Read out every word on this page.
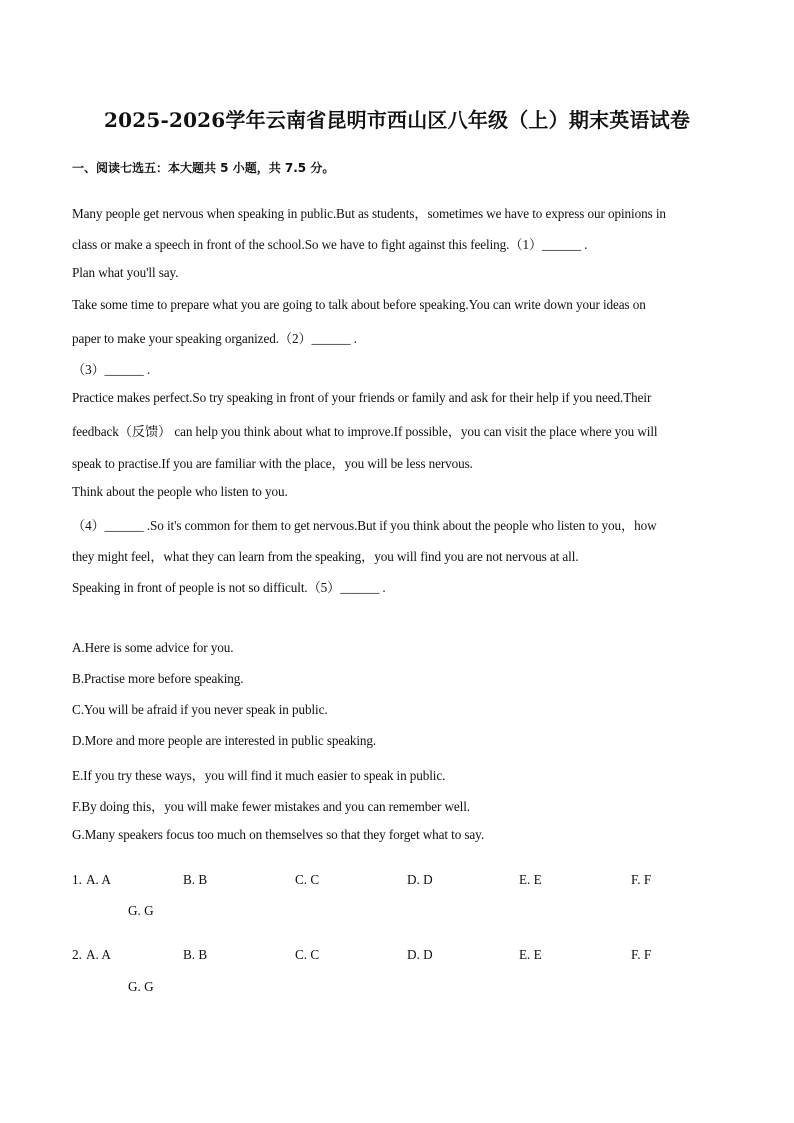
2025-2026学年云南省昆明市西山区八年级（上）期末英语试卷
一、阅读七选五：本大题共 5 小题，共 7.5 分。
Many people get nervous when speaking in public.But as students，sometimes we have to express our opinions in
class or make a speech in front of the school.So we have to fight against this feeling.（1）______ .
Plan what you'll say.
Take some time to prepare what you are going to talk about before speaking.You can write down your ideas on
paper to make your speaking organized.（2）______ .
（3）______ .
Practice makes perfect.So try speaking in front of your friends or family and ask for their help if you need.Their
feedback（反馈） can help you think about what to improve.If possible，you can visit the place where you will
speak to practise.If you are familiar with the place，you will be less nervous.
Think about the people who listen to you.
（4）______ .So it's common for them to get nervous.But if you think about the people who listen to you，how
they might feel，what they can learn from the speaking，you will find you are not nervous at all.
Speaking in front of people is not so difficult.（5）______ .
A.Here is some advice for you.
B.Practise more before speaking.
C.You will be afraid if you never speak in public.
D.More and more people are interested in public speaking.
E.If you try these ways，you will find it much easier to speak in public.
F.By doing this，you will make fewer mistakes and you can remember well.
G.Many speakers focus too much on themselves so that they forget what to say.
1. A. A	B. B	C. C	D. D	E. E	F. F
G. G
2. A. A	B. B	C. C	D. D	E. E	F. F
G. G
